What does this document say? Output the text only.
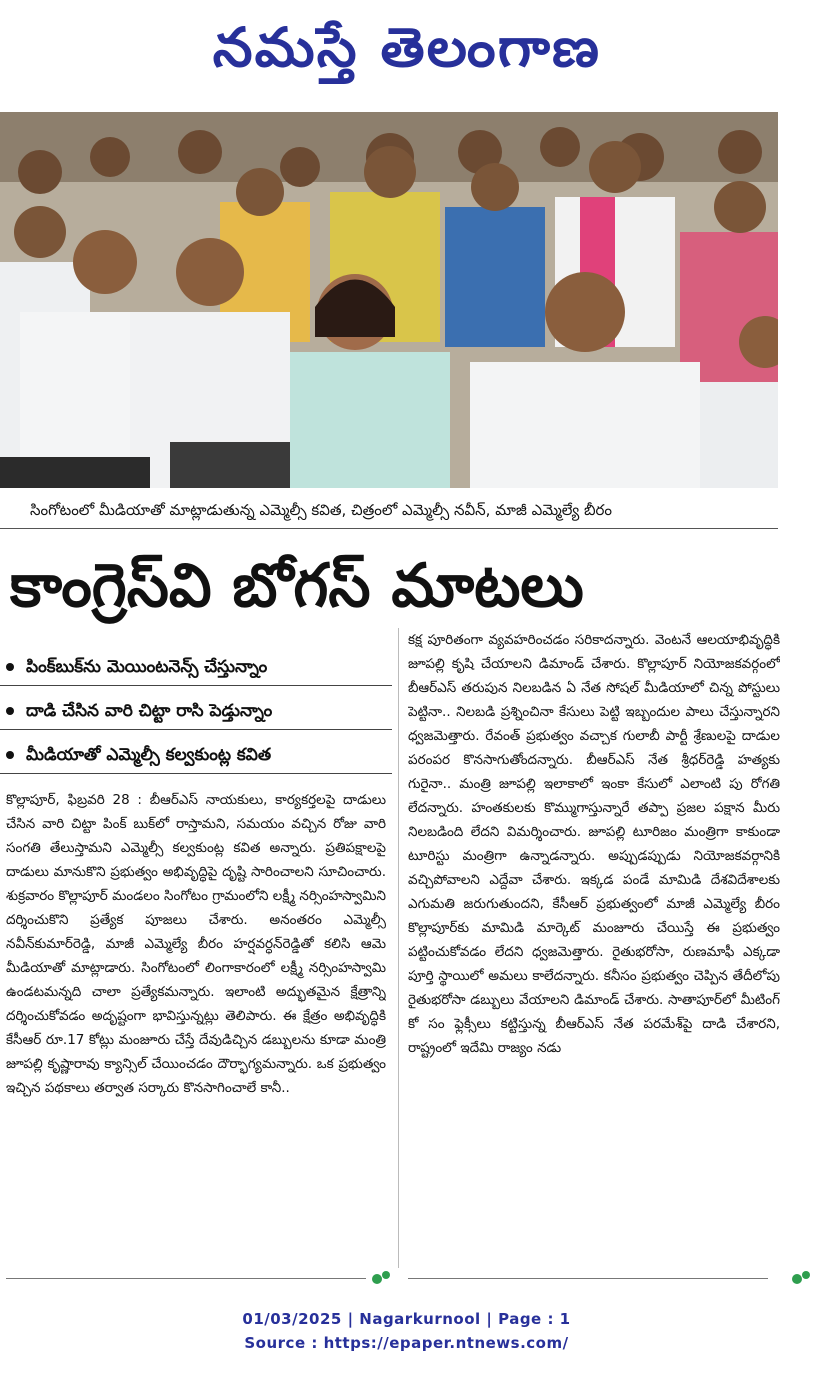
నమస్తే తెలంగాణ
సింగోటంలో మీడియాతో మాట్లాడుతున్న ఎమ్మెల్సీ కవిత, చిత్రంలో ఎమ్మెల్సీ నవీన్, మాజీ ఎమ్మెల్యే బీరం
కాంగ్రెస్‌వి బోగస్ మాటలు
పింక్‌బుక్‌ను మెయింటనెన్స్ చేస్తున్నాం
దాడి చేసిన వారి చిట్టా రాసి పెడ్తున్నాం
మీడియాతో ఎమ్మెల్సీ కల్వకుంట్ల కవిత
కొల్లాపూర్, ఫిబ్రవరి 28 : బీఆర్ఎస్ నాయకులు, కార్యకర్తలపై దాడులు చేసిన వారి చిట్టా పింక్ బుక్‌లో రాస్తామని, సమయం వచ్చిన రోజు వారి సంగతి తేలుస్తామని ఎమ్మెల్సీ కల్వకుంట్ల కవిత అన్నారు. ప్రతిపక్షాలపై దాడులు మానుకొని ప్రభుత్వం అభివృద్ధిపై దృష్టి సారించాలని సూచించారు. శుక్రవారం కొల్లాపూర్ మండలం సింగోటం గ్రామంలోని లక్ష్మీ నర్సింహస్వామిని దర్శించుకొని ప్రత్యేక పూజలు చేశారు. అనంతరం ఎమ్మెల్సీ నవీన్‌కుమార్‌రెడ్డి, మాజీ ఎమ్మెల్యే బీరం హర్షవర్ధన్‌రెడ్డితో కలిసి ఆమె మీడియాతో మాట్లాడారు. సింగోటంలో లింగాకారంలో లక్ష్మీ నర్సింహస్వామి ఉండటమన్నది చాలా ప్రత్యేకమన్నారు. ఇలాంటి అద్భుతమైన క్షేత్రాన్ని దర్శించుకోవడం అదృష్టంగా భావిస్తున్నట్లు తెలిపారు. ఈ క్షేత్రం అభివృద్ధికి కేసీఆర్ రూ.17 కోట్లు మంజూరు చేస్తే దేవుడిచ్చిన డబ్బులను కూడా మంత్రి జూపల్లి కృష్ణారావు క్యాన్సిల్ చేయించడం దౌర్భాగ్యమన్నారు. ఒక ప్రభుత్వం ఇచ్చిన పథకాలు తర్వాత సర్కారు కొనసాగించాలే కానీ..
కక్ష పూరితంగా వ్యవహరించడం సరికాదన్నారు. వెంటనే ఆలయాభివృద్ధికి జూపల్లి కృషి చేయాలని డిమాండ్ చేశారు. కొల్లాపూర్ నియోజకవర్గంలో బీఆర్ఎస్ తరుపున నిలబడిన ఏ నేత సోషల్ మీడియాలో చిన్న పోస్టులు పెట్టినా.. నిలబడి ప్రశ్నించినా కేసులు పెట్టి ఇబ్బందుల పాలు చేస్తున్నారని ధ్వజమెత్తారు. రేవంత్ ప్రభుత్వం వచ్చాక గులాబీ పార్టీ శ్రేణులపై దాడుల పరంపర కొనసాగుతోందన్నారు. బీఆర్ఎస్ నేత శ్రీధర్‌రెడ్డి హత్యకు గురైనా.. మంత్రి జూపల్లి ఇలాకాలో ఇంకా కేసులో ఎలాంటి పు రోగతి లేదన్నారు. హంతకులకు కొమ్ముగాస్తున్నారే తప్పా ప్రజల పక్షాన మీరు నిలబడింది లేదని విమర్శించారు. జూపల్లి టూరిజం మంత్రిగా కాకుండా టూరిస్టు మంత్రిగా ఉన్నాడన్నారు. అప్పుడప్పుడు నియోజకవర్గానికి వచ్చిపోవాలని ఎద్దేవా చేశారు. ఇక్కడ పండే మామిడి దేశవిదేశాలకు ఎగుమతి జరుగుతుందని, కేసీఆర్ ప్రభుత్వంలో మాజీ ఎమ్మెల్యే బీరం కొల్లాపూర్‌కు మామిడి మార్కెట్ మంజూరు చేయిస్తే ఈ ప్రభుత్వం పట్టించుకోవడం లేదని ధ్వజమెత్తారు. రైతుభరోసా, రుణమాఫీ ఎక్కడా పూర్తి స్థాయిలో అమలు కాలేదన్నారు. కనీసం ప్రభుత్వం చెప్పిన తేదీలోపు రైతుభరోసా డబ్బులు వేయాలని డిమాండ్ చేశారు. సాతాపూర్‌లో మీటింగ్ కో సం ఫ్లెక్సీలు కట్టిస్తున్న బీఆర్ఎస్ నేత పరమేశ్‌పై దాడి చేశారని, రాష్ట్రంలో ఇదేమి రాజ్యం నడు
01/03/2025 | Nagarkurnool | Page : 1
Source : https://epaper.ntnews.com/
